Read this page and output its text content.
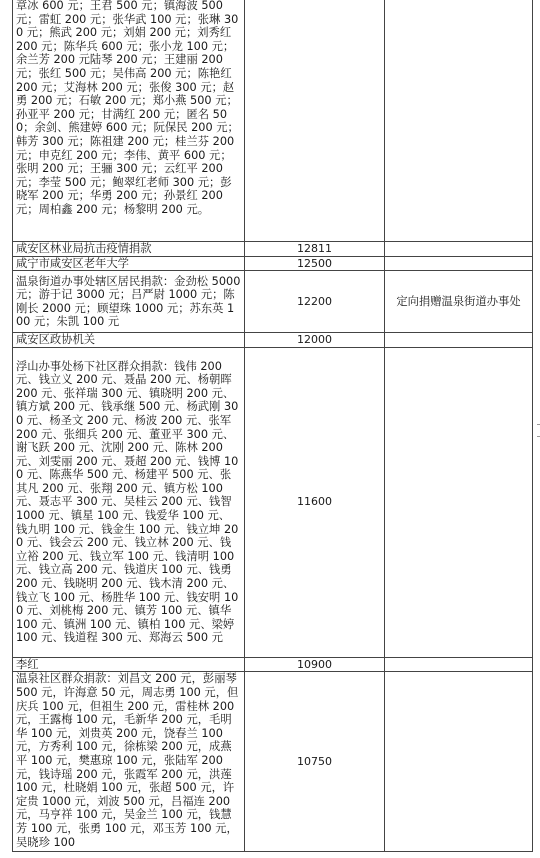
章冰 600 元；王君 500 元；镇海波 500 元；雷虹 200 元；张华武 100 元；张琳 300 元；熊武 200 元；刘娟 200 元；刘秀红 200 元；陈华兵 600 元；张小龙 100 元；余兰芳 200 元陆琴 200 元；王建丽 200 元；张红 500 元；吴伟高 200 元；陈艳红 200 元；艾海林 200 元；张俊 300 元；赵勇 200 元；石敏 200 元；郑小燕 500 元；孙亚平 200 元；甘满红 200 元；匿名 500；余剑、熊建婷 600 元；阮保民 200 元；韩芳 300 元；陈祖建 200 元；桂兰芬 200 元；申克红 200 元；李伟、黄平 600 元；张明 200 元；王骊 300 元；云红平 200 元；李莹 500 元；鲍翠红老师 300 元；彭晓军 200 元；华勇 200 元；孙景红 200 元；周柏鑫 200 元；杨黎明 200 元。		
咸安区林业局抗击疫情捐款	12811	
咸宁市咸安区老年大学	12500	
温泉街道办事处辖区居民捐款：金劲松 5000 元；游于记 3000 元；吕严尉 1000 元；陈刚长 2000 元；顾望珠 1000 元；苏东英 100 元；朱凯 100 元	12200	定向捐赠温泉街道办事处
咸安区政协机关	12000	
浮山办事处杨下社区群众捐款：钱伟 200 元、钱立义 200 元、聂晶 200 元、杨朝晖 200 元、张祥瑞 300 元、镇晓明 200 元、镇方斌 200 元、钱承继 500 元、杨武刚 300 元、杨圣文 200 元、杨波 200 元、张军 200 元、张细兵 200 元、董亚平 300 元、谢飞跃 200 元、沈刚 200 元、陈林 200 元、刘雯丽 200 元、聂超 200 元、钱博 100 元、陈燕华 500 元、杨建平 500 元、张其凡 200 元、张翔 200 元、镇方松 100 元、聂志平 300 元、吴桂云 200 元、钱智 1000 元、镇星 100 元、钱爱华 100 元、钱九明 100 元、钱金生 100 元、钱立坤 200 元、钱会云 200 元、钱立林 200 元、钱立裕 200 元、钱立军 100 元、钱清明 100 元、钱立高 200 元、钱道庆 100 元、钱勇 200 元、钱晓明 200 元、钱木清 200 元、钱立飞 100 元、杨胜华 100 元、钱安明 100 元、刘桃梅 200 元、镇芳 100 元、镇华 100 元、镇洲 100 元、镇柏 100 元、梁婷 100 元、钱道程 300 元、郑海云 500 元	11600	
李红	10900	
温泉社区群众捐款：刘昌文 200 元，彭丽琴 500 元，许海意 50 元，周志勇 100 元，但庆兵 100 元，但祖生 200 元，雷桂林 200 元，王露梅 100 元，毛新华 200 元，毛明华 100 元，刘贵英 200 元，饶春兰 100 元，方秀利 100 元，徐栋梁 200 元，成燕平 100 元，樊惠琼 100 元，张陆军 200 元，钱诗瑶 200 元，张霞军 200 元，洪莲 100 元，杜晓娟 100 元，张超 500 元，许定贵 1000 元，刘波 500 元，吕福连 200 元，马亨祥 100 元，吴金兰 100 元，钱慧芳 100 元，张勇 100 元，邓玉芳 100 元，吴晓珍 100	10750	
